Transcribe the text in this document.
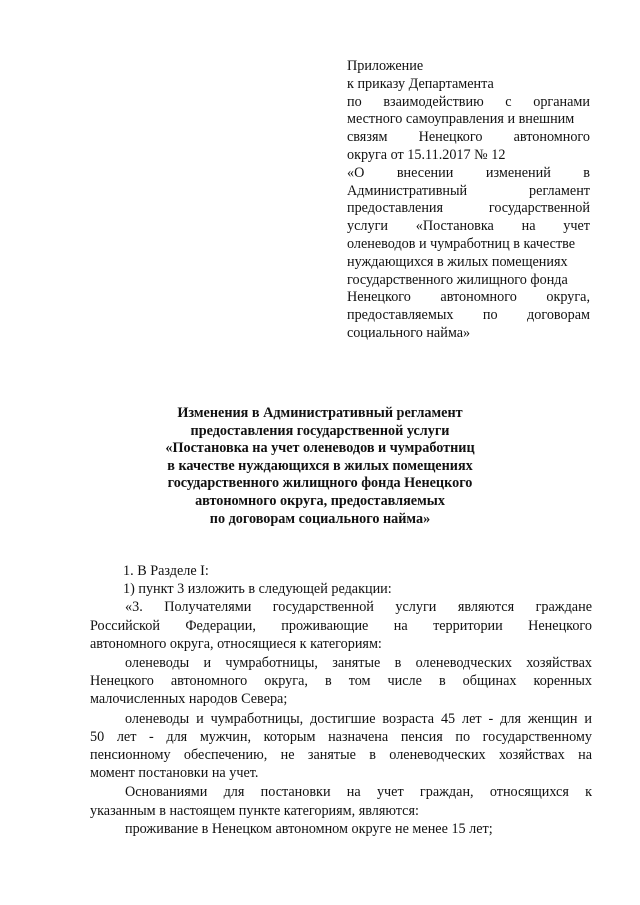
Приложение
к приказу Департамента
по взаимодействию с органами
местного самоуправления и внешним
связям Ненецкого автономного
округа от 15.11.2017 № 12
«О внесении изменений в
Административный регламент
предоставления государственной
услуги «Постановка на учет
оленеводов и чумработниц в качестве
нуждающихся в жилых помещениях
государственного жилищного фонда
Ненецкого автономного округа,
предоставляемых по договорам
социального найма»
Изменения в Административный регламент
предоставления государственной услуги
«Постановка на учет оленеводов и чумработниц
в качестве нуждающихся в жилых помещениях
государственного жилищного фонда Ненецкого
автономного округа, предоставляемых
по договорам социального найма»
1. В Разделе I:
1) пункт 3 изложить в следующей редакции:
«3. Получателями государственной услуги являются граждане
Российской Федерации, проживающие на территории Ненецкого
автономного округа, относящиеся к категориям:
оленеводы и чумработницы, занятые в оленеводческих хозяйствах
Ненецкого автономного округа, в том числе в общинах коренных
малочисленных народов Севера;
оленеводы и чумработницы, достигшие возраста 45 лет - для женщин и
50 лет - для мужчин, которым назначена пенсия по государственному
пенсионному обеспечению, не занятые в оленеводческих хозяйствах на
момент постановки на учет.
Основаниями для постановки на учет граждан, относящихся к
указанным в настоящем пункте категориям, являются:
проживание в Ненецком автономном округе не менее 15 лет;
